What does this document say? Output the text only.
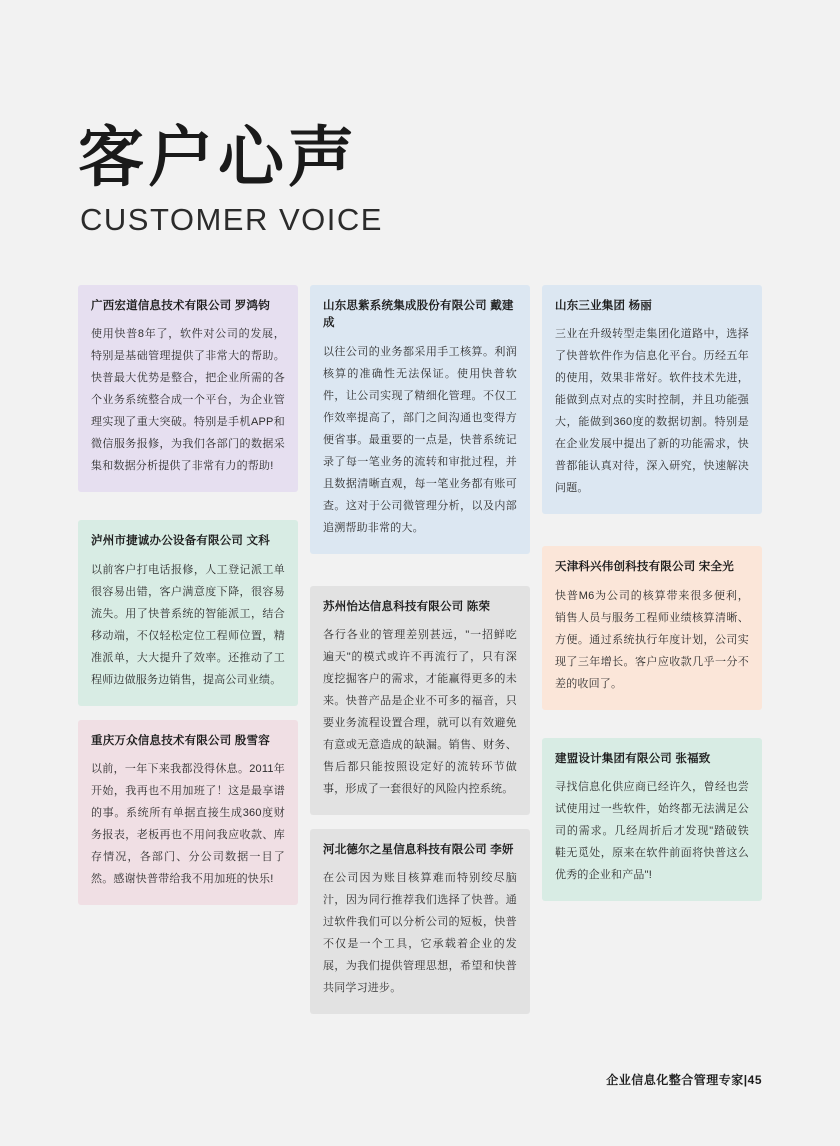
客户心声
CUSTOMER VOICE
广西宏道信息技术有限公司 罗鸿钧
使用快普8年了，软件对公司的发展，特别是基础管理提供了非常大的帮助。快普最大优势是整合，把企业所需的各个业务系统整合成一个平台，为企业管理实现了重大突破。特别是手机APP和微信服务报修，为我们各部门的数据采集和数据分析提供了非常有力的帮助!
泸州市捷诚办公设备有限公司 文科
以前客户打电话报修，人工登记派工单很容易出错，客户满意度下降，很容易流失。用了快普系统的智能派工，结合移动端，不仅轻松定位工程师位置，精准派单，大大提升了效率。还推动了工程师边做服务边销售，提高公司业绩。
重庆万众信息技术有限公司 殷雪容
以前，一年下来我都没得休息。2011年开始，我再也不用加班了！这是最享谱的事。系统所有单据直接生成360度财务报表，老板再也不用问我应收款、库存情况，各部门、分公司数据一目了然。感谢快普带给我不用加班的快乐!
山东思紫系统集成股份有限公司 戴建成
以往公司的业务都采用手工核算。利润核算的准确性无法保证。使用快普软件，让公司实现了精细化管理。不仅工作效率提高了，部门之间沟通也变得方便省事。最重要的一点是，快普系统记录了每一笔业务的流转和审批过程，并且数据清晰直观，每一笔业务都有账可查。这对于公司微管理分析，以及内部追溯帮助非常的大。
苏州怡达信息科技有限公司 陈荣
各行各业的管理差别甚远，"一招鲜吃遍天"的模式或许不再流行了，只有深度挖掘客户的需求，才能赢得更多的未来。快普产品是企业不可多的福音，只要业务流程设置合理，就可以有效避免有意或无意造成的缺漏。销售、财务、售后都只能按照设定好的流转环节做事，形成了一套很好的风险内控系统。
河北德尔之星信息科技有限公司 李妍
在公司因为账目核算难而特别绞尽脑汁，因为同行推荐我们选择了快普。通过软件我们可以分析公司的短板，快普不仅是一个工具，它承载着企业的发展，为我们提供管理思想，希望和快普共同学习进步。
山东三业集团 杨丽
三业在升级转型走集团化道路中，选择了快普软件作为信息化平台。历经五年的使用，效果非常好。软件技术先进，能做到点对点的实时控制，并且功能强大，能做到360度的数据切割。特别是在企业发展中提出了新的功能需求，快普都能认真对待，深入研究，快速解决问题。
天津科兴伟创科技有限公司 宋全光
快普M6为公司的核算带来很多便利，销售人员与服务工程师业绩核算清晰、方便。通过系统执行年度计划，公司实现了三年增长。客户应收款几乎一分不差的收回了。
建盟设计集团有限公司 张福致
寻找信息化供应商已经许久，曾经也尝试使用过一些软件，始终都无法满足公司的需求。几经周折后才发现"踏破铁鞋无觅处，原来在软件前面将快普这么优秀的企业和产品"!
企业信息化整合管理专家|45
